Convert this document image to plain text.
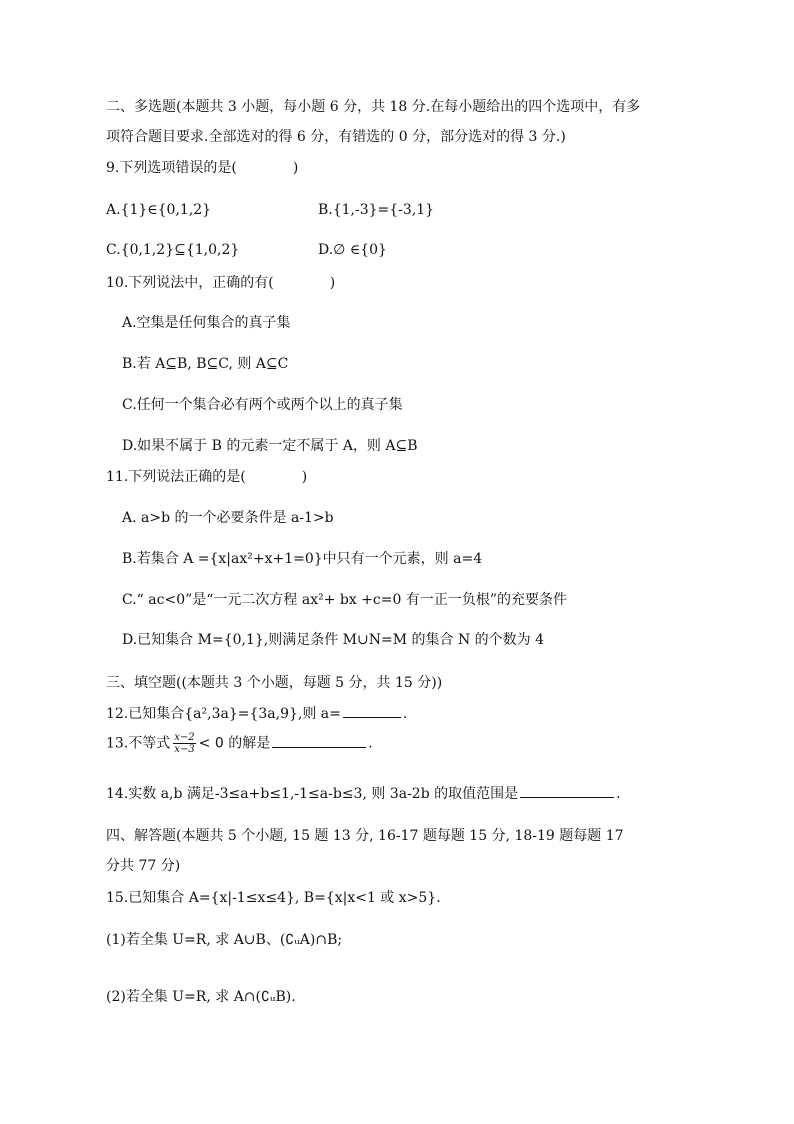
二、多选题(本题共 3 小题，每小题 6 分，共 18 分.在每小题给出的四个选项中，有多
项符合题目要求.全部选对的得 6 分，有错选的 0 分，部分选对的得 3 分.)
9.下列选项错误的是(　　　　)
A.{1}∈{0,1,2}	B.{1,-3}={-3,1}
C.{0,1,2}⊆{1,0,2}	D.∅ ∈{0}
10.下列说法中，正确的有(　　　　)
A.空集是任何集合的真子集
B.若 A⊆B, B⊆C, 则 A⊆C
C.任何一个集合必有两个或两个以上的真子集
D.如果不属于 B 的元素一定不属于 A，则 A⊆B
11.下列说法正确的是(　　　　)
A. a>b 的一个必要条件是 a-1>b
B.若集合 A ={x|ax²+x+1=0}中只有一个元素，则 a=4
C.“ ac<0”是“一元二次方程 ax²+ bx +c=0 有一正一负根”的充要条件
D.已知集合 M={0,1},则满足条件 M∪N=M 的集合 N 的个数为 4
三、填空题((本题共 3 个小题，每题 5 分，共 15 分))
12.已知集合{a²,3a}={3a,9},则 a=	.
13.不等式 $\frac{x-2}{x-3} < 0$ 的解是	.
14.实数 a,b 满足-3≤a+b≤1,-1≤a-b≤3, 则 3a-2b 的取值范围是	.
四、解答题(本题共 5 个小题, 15 题 13 分, 16-17 题每题 15 分, 18-19 题每题 17
分共 77 分)
15.已知集合 A={x|-1≤x≤4}, B={x|x<1 或 x>5}.
(1)若全集 U=R, 求 A∪B、(∁ᵤA)∩B;
(2)若全集 U=R, 求 A∩(∁ᵤB).
